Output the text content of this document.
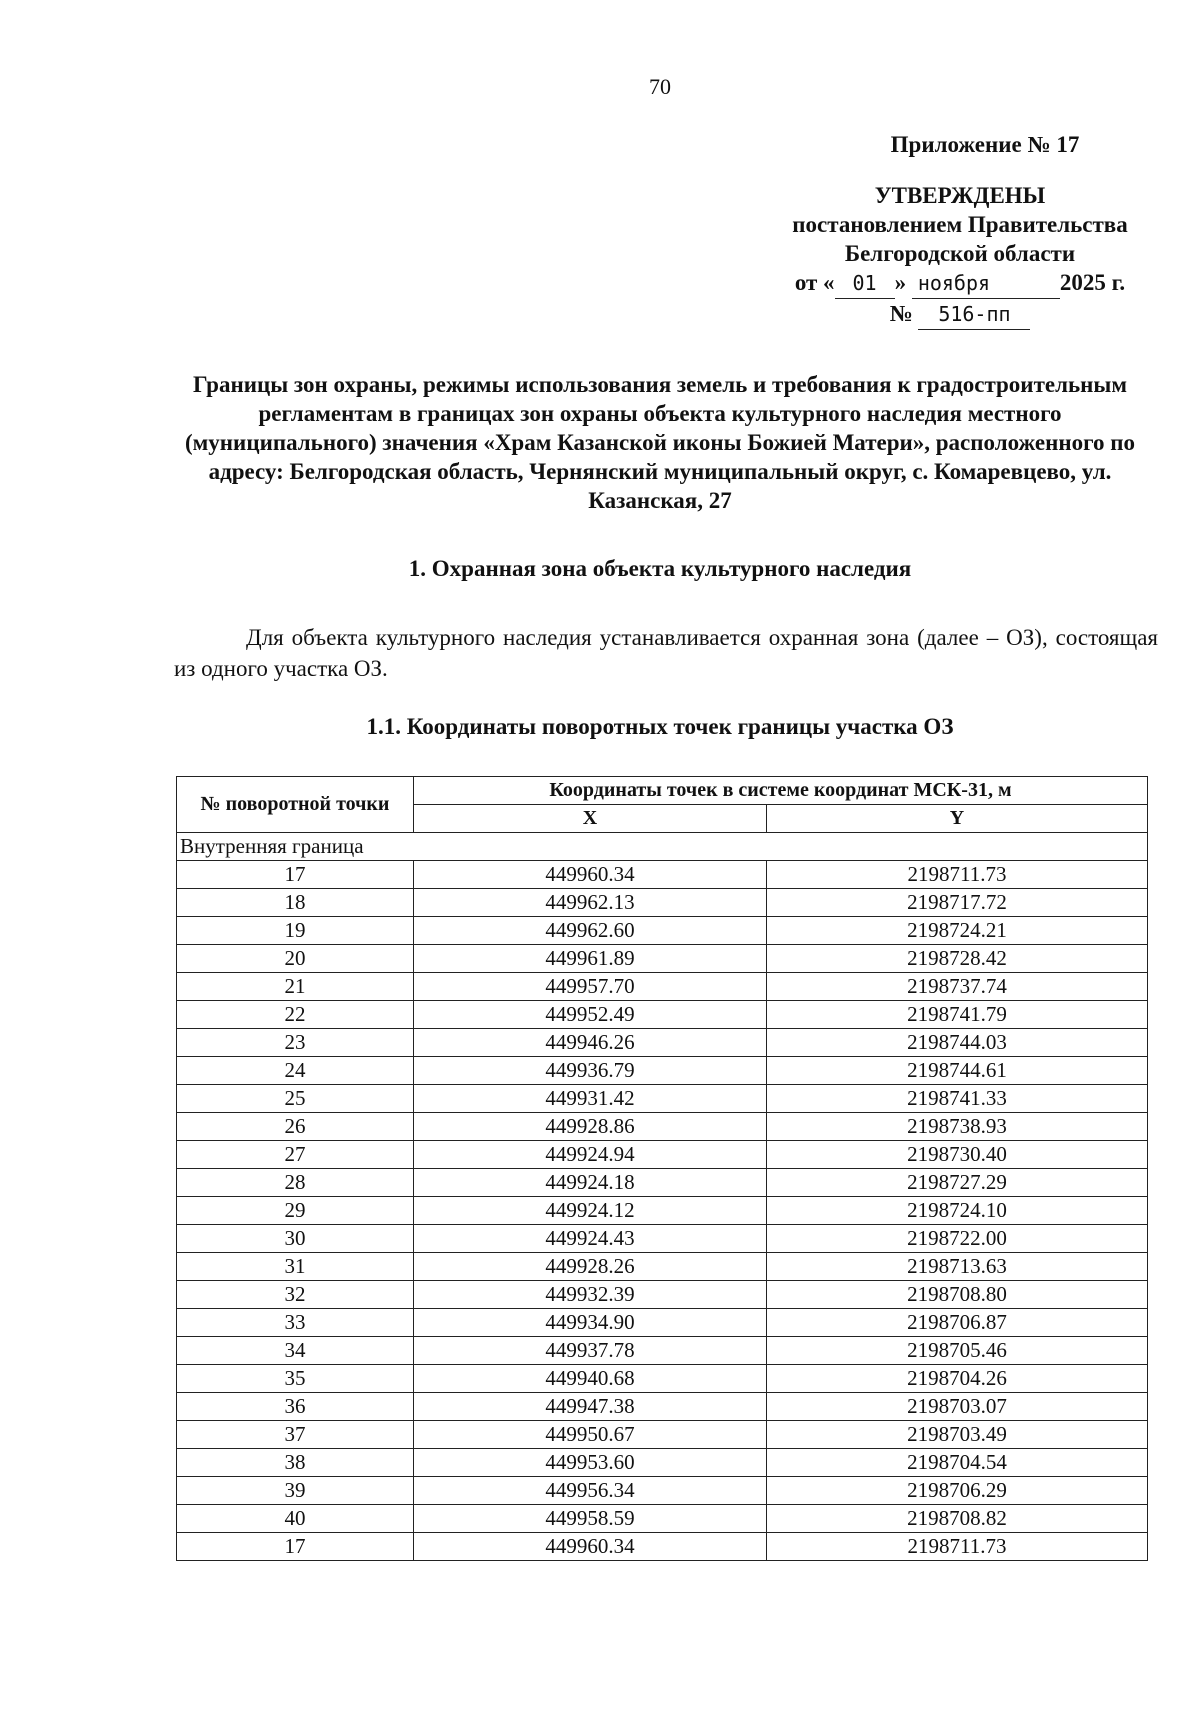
70
Приложение № 17
УТВЕРЖДЕНЫ
постановлением Правительства
Белгородской области
от « 01 » ноября	2025 г.
№ 516-пп
Границы зон охраны, режимы использования земель и требования к градостроительным регламентам в границах зон охраны объекта культурного наследия местного (муниципального) значения «Храм Казанской иконы Божией Матери», расположенного по адресу: Белгородская область, Чернянский муниципальный округ, с. Комаревцево, ул. Казанская, 27
1. Охранная зона объекта культурного наследия
Для объекта культурного наследия устанавливается охранная зона (далее – ОЗ), состоящая из одного участка ОЗ.
1.1. Координаты поворотных точек границы участка ОЗ
№ поворотной точки	Координаты точек в системе координат МСК-31, м	
	X	Y
Внутренняя граница		
17	449960.34	2198711.73
18	449962.13	2198717.72
19	449962.60	2198724.21
20	449961.89	2198728.42
21	449957.70	2198737.74
22	449952.49	2198741.79
23	449946.26	2198744.03
24	449936.79	2198744.61
25	449931.42	2198741.33
26	449928.86	2198738.93
27	449924.94	2198730.40
28	449924.18	2198727.29
29	449924.12	2198724.10
30	449924.43	2198722.00
31	449928.26	2198713.63
32	449932.39	2198708.80
33	449934.90	2198706.87
34	449937.78	2198705.46
35	449940.68	2198704.26
36	449947.38	2198703.07
37	449950.67	2198703.49
38	449953.60	2198704.54
39	449956.34	2198706.29
40	449958.59	2198708.82
17	449960.34	2198711.73
